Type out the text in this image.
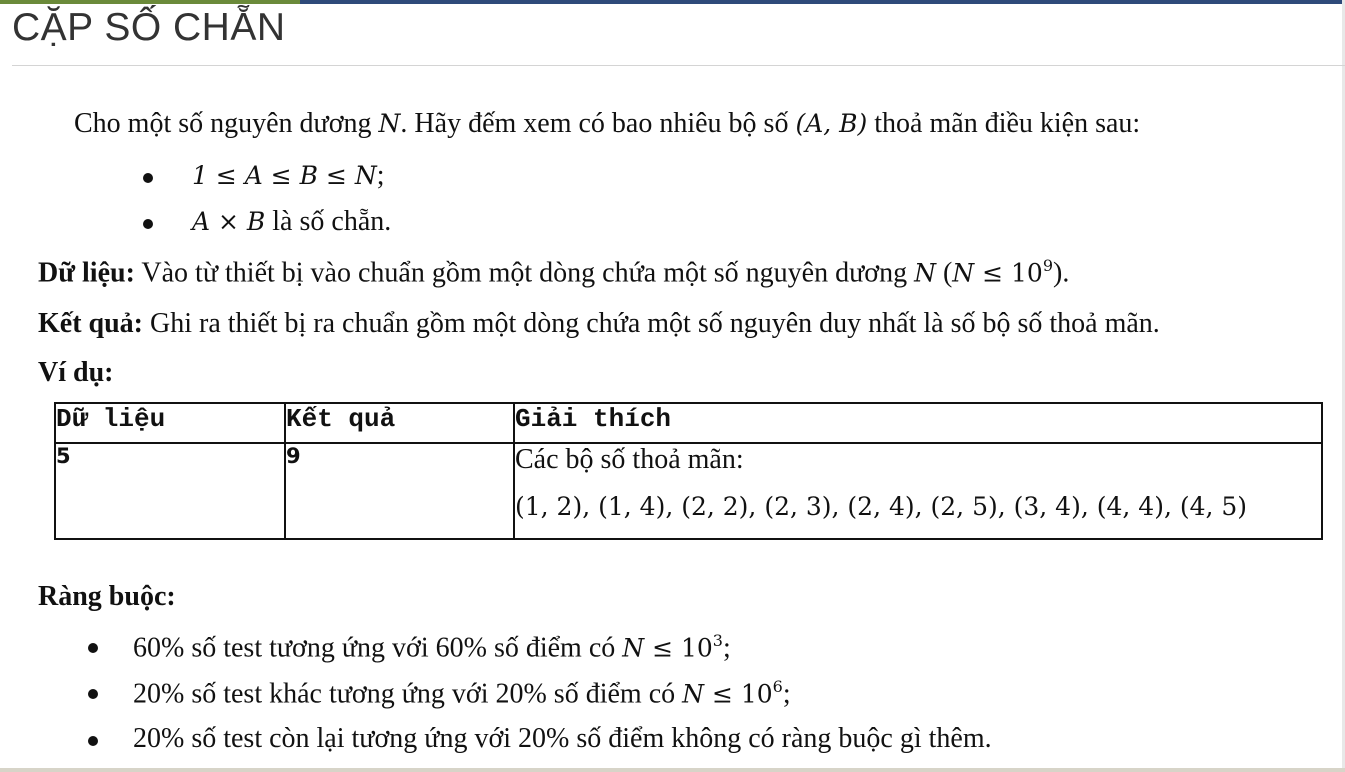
CẶP SỐ CHẴN
Cho một số nguyên dương N. Hãy đếm xem có bao nhiêu bộ số (A, B) thoả mãn điều kiện sau:
1 ≤ A ≤ B ≤ N;
A × B là số chẵn.
Dữ liệu: Vào từ thiết bị vào chuẩn gồm một dòng chứa một số nguyên dương N $(N \le 10^9)$.
Kết quả: Ghi ra thiết bị ra chuẩn gồm một dòng chứa một số nguyên duy nhất là số bộ số thoả mãn.
Ví dụ:
Dữ liệu	Kết quả	Giải thích
5	9	Các bộ số thoả mãn:
(1, 2), (1, 4), (2, 2), (2, 3), (2, 4), (2, 5), (3, 4), (4, 4), (4, 5)
Ràng buộc:
60% số test tương ứng với 60% số điểm có $N \le 10^3$;
20% số test khác tương ứng với 20% số điểm có $N \le 10^6$;
20% số test còn lại tương ứng với 20% số điểm không có ràng buộc gì thêm.
